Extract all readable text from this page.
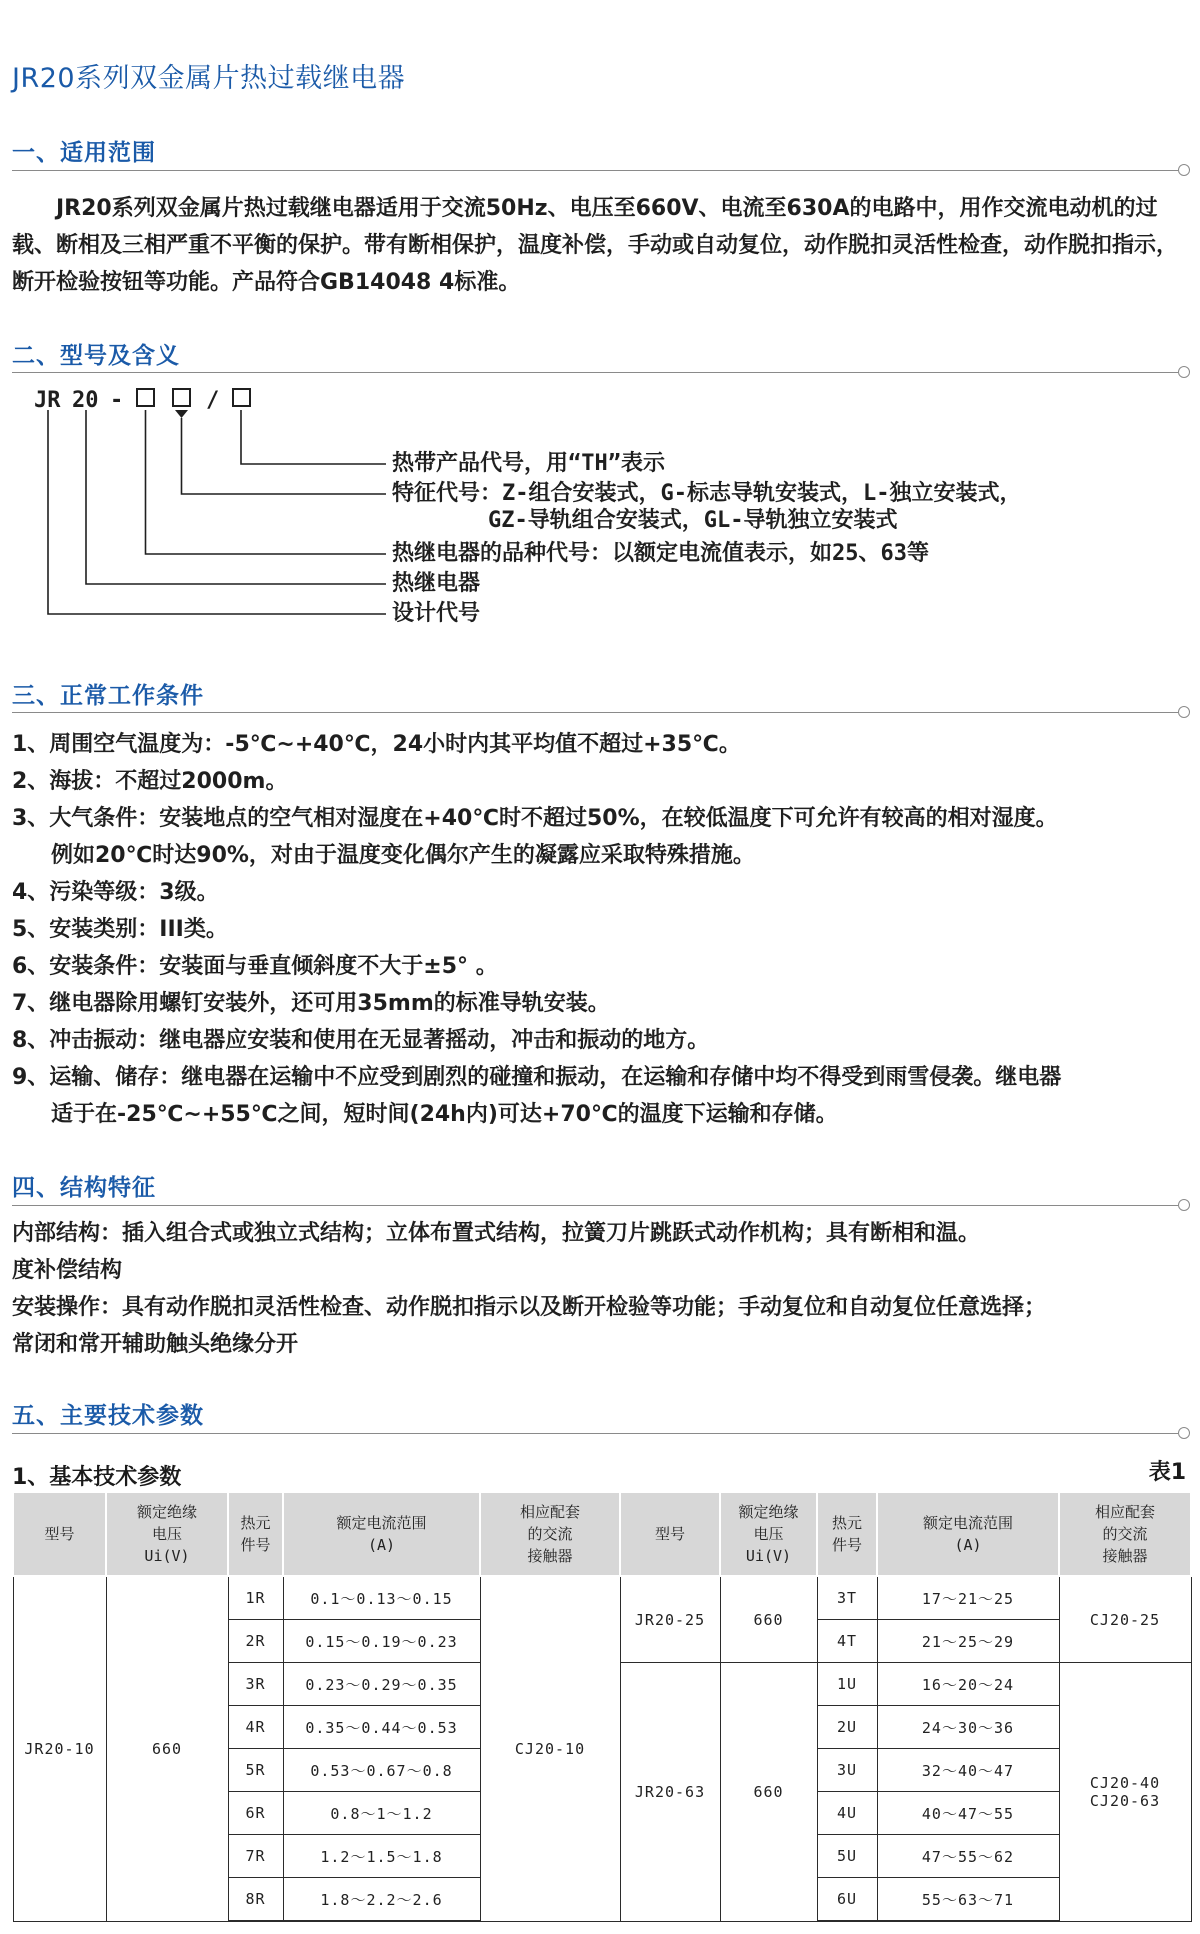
JR20系列双金属片热过载继电器
一、适用范围

JR20系列双金属片热过载继电器适用于交流50Hz、电压至660V、电流至630A的电路中，用作交流电动机的过载、断相及三相严重不平衡的保护。带有断相保护，温度补偿，手动或自动复位，动作脱扣灵活性检查，动作脱扣指示，断开检验按钮等功能。产品符合GB14048 4标准。

二、型号及含义
JR 20 -	/
热带产品代号，用“TH”表示
特征代号：Z-组合安装式，G-标志导轨安装式，L-独立安装式，
GZ-导轨组合安装式，GL-导轨独立安装式
热继电器的品种代号：以额定电流值表示，如25、63等
热继电器
设计代号
三、正常工作条件
1、周围空气温度为：-5℃~+40℃，24小时内其平均值不超过+35℃。
2、海拔：不超过2000m。
3、大气条件：安装地点的空气相对湿度在+40℃时不超过50%，在较低温度下可允许有较高的相对湿度。
例如20℃时达90%，对由于温度变化偶尔产生的凝露应采取特殊措施。
4、污染等级：3级。
5、安装类别：III类。
6、安装条件：安装面与垂直倾斜度不大于±5° 。
7、继电器除用螺钉安装外，还可用35mm的标准导轨安装。
8、冲击振动：继电器应安装和使用在无显著摇动，冲击和振动的地方。
9、运输、储存：继电器在运输中不应受到剧烈的碰撞和振动，在运输和存储中均不得受到雨雪侵袭。继电器
适于在-25℃~+55℃之间，短时间(24h内)可达+70℃的温度下运输和存储。
四、结构特征
内部结构：插入组合式或独立式结构；立体布置式结构，拉簧刀片跳跃式动作机构；具有断相和温。
度补偿结构
安装操作：具有动作脱扣灵活性检查、动作脱扣指示以及断开检验等功能；手动复位和自动复位任意选择；
常闭和常开辅助触头绝缘分开
五、主要技术参数
1、基本技术参数	表1
型号	额定绝缘
电压
Ui(V)	热元
件号	额定电流范围
(A)	相应配套
的交流
接触器	型号	额定绝缘
电压
Ui(V)	热元
件号	额定电流范围
(A)	相应配套
的交流
接触器
JR20-10	660	1R	0.1～0.13～0.15	CJ20-10	JR20-25	660	3T	17～21～25	CJ20-25
		2R	0.15～0.19～0.23				4T	21～25～29	
		3R	0.23～0.29～0.35		JR20-63	660	1U	16～20～24	CJ20-40
CJ20-63
		4R	0.35～0.44～0.53				2U	24～30～36	
		5R	0.53～0.67～0.8				3U	32～40～47	
		6R	0.8～1～1.2				4U	40～47～55	
		7R	1.2～1.5～1.8				5U	47～55～62	
		8R	1.8～2.2～2.6				6U	55～63～71	
